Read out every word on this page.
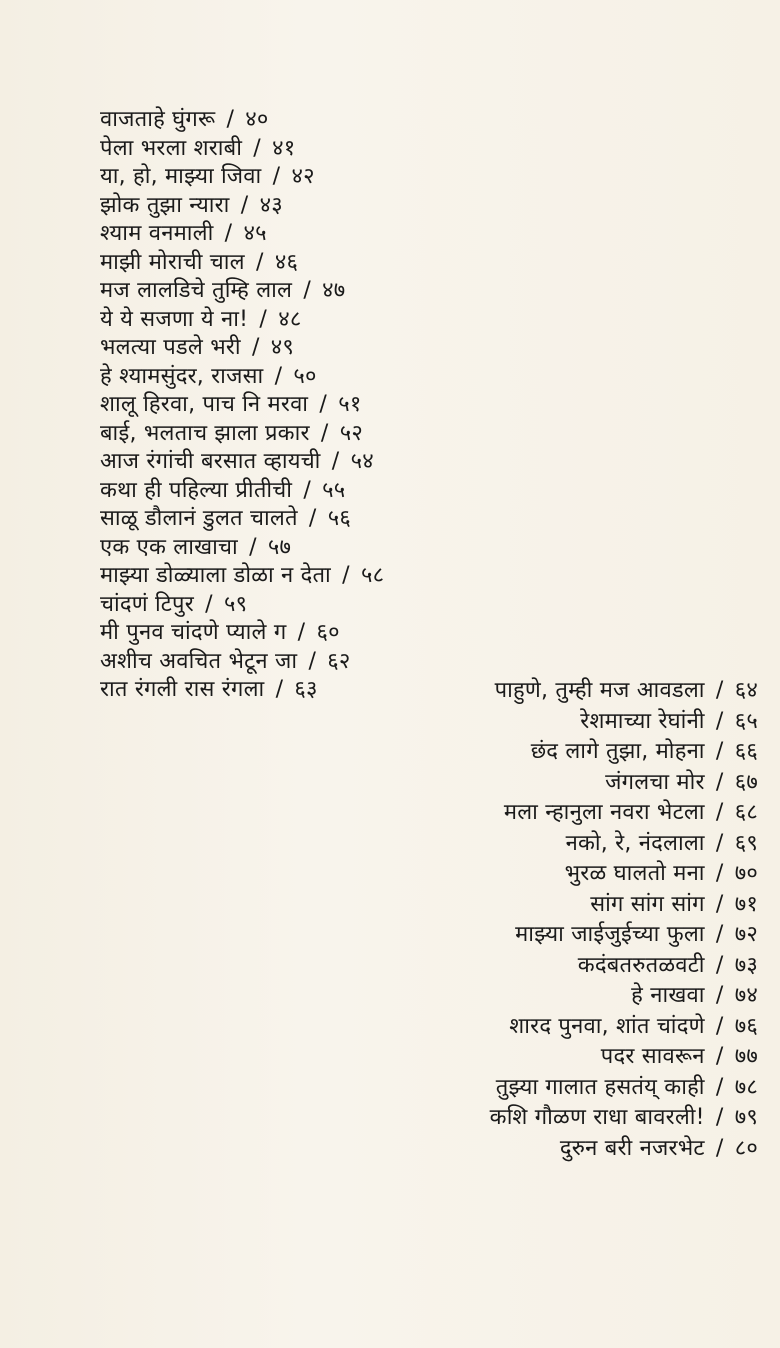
वाजताहे घुंगरू / ४०
पेला भरला शराबी / ४१
या, हो, माझ्या जिवा / ४२
झोक तुझा न्यारा / ४३
श्याम वनमाली / ४५
माझी मोराची चाल / ४६
मज लालडिचे तुम्हि लाल / ४७
ये ये सजणा ये ना! / ४८
भलत्या पडले भरी / ४९
हे श्यामसुंदर, राजसा / ५०
शालू हिरवा, पाच नि मरवा / ५१
बाई, भलताच झाला प्रकार / ५२
आज रंगांची बरसात व्हायची / ५४
कथा ही पहिल्या प्रीतीची / ५५
साळू डौलानं डुलत चालते / ५६
एक एक लाखाचा / ५७
माझ्या डोळ्याला डोळा न देता / ५८
चांदणं टिपुर / ५९
मी पुनव चांदणे प्याले ग / ६०
अशीच अवचित भेटून जा / ६२
रात रंगली रास रंगला / ६३	पाहुणे, तुम्ही मज आवडला / ६४
रेशमाच्या रेघांनी / ६५
छंद लागे तुझा, मोहना / ६६
जंगलचा मोर / ६७
मला न्हानुला नवरा भेटला / ६८
नको, रे, नंदलाला / ६९
भुरळ घालतो मना / ७०
सांग सांग सांग / ७१
माझ्या जाईजुईच्या फुला / ७२
कदंबतरुतळवटी / ७३
हे नाखवा / ७४
शारद पुनवा, शांत चांदणे / ७६
पदर सावरून / ७७
तुझ्या गालात हसतंय् काही / ७८
कशि गौळण राधा बावरली! / ७९
दुरुन बरी नजरभेट / ८०
